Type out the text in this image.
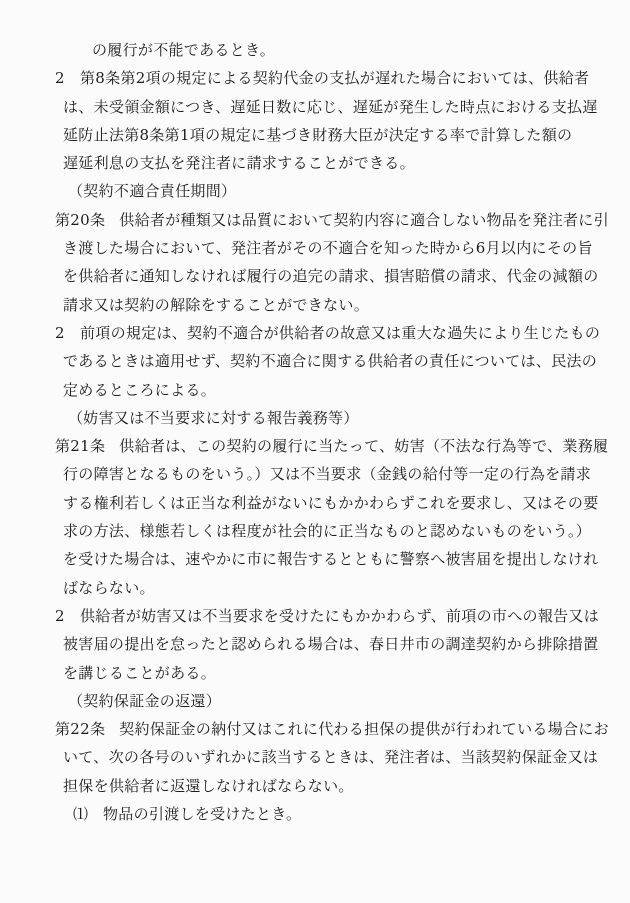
の履行が不能であるとき。
2 第8条第2項の規定による契約代金の支払が遅れた場合においては、供給者
は、未受領金額につき、遅延日数に応じ、遅延が発生した時点における支払遅
延防止法第8条第1項の規定に基づき財務大臣が決定する率で計算した額の
遅延利息の支払を発注者に請求することができる。
（契約不適合責任期間）
第20条 供給者が種類又は品質において契約内容に適合しない物品を発注者に引
き渡した場合において、発注者がその不適合を知った時から6月以内にその旨
を供給者に通知しなければ履行の追完の請求、損害賠償の請求、代金の減額の
請求又は契約の解除をすることができない。
2 前項の規定は、契約不適合が供給者の故意又は重大な過失により生じたもの
であるときは適用せず、契約不適合に関する供給者の責任については、民法の
定めるところによる。
（妨害又は不当要求に対する報告義務等）
第21条 供給者は、この契約の履行に当たって、妨害（不法な行為等で、業務履
行の障害となるものをいう。）又は不当要求（金銭の給付等一定の行為を請求
する権利若しくは正当な利益がないにもかかわらずこれを要求し、又はその要
求の方法、様態若しくは程度が社会的に正当なものと認めないものをいう。）
を受けた場合は、速やかに市に報告するとともに警察へ被害届を提出しなけれ
ばならない。
2 供給者が妨害又は不当要求を受けたにもかかわらず、前項の市への報告又は
被害届の提出を怠ったと認められる場合は、春日井市の調達契約から排除措置
を講じることがある。
（契約保証金の返還）
第22条 契約保証金の納付又はこれに代わる担保の提供が行われている場合にお
いて、次の各号のいずれかに該当するときは、発注者は、当該契約保証金又は
担保を供給者に返還しなければならない。
⑴ 物品の引渡しを受けたとき。
